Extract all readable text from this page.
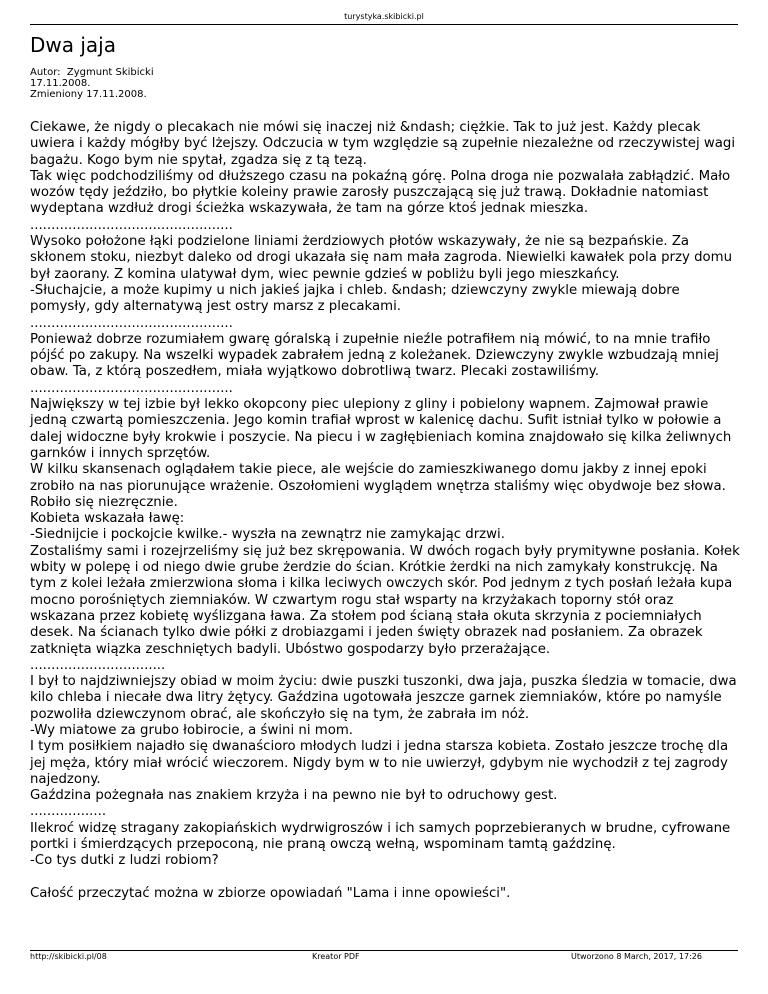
turystyka.skibicki.pl
Dwa jaja
Autor:  Zygmunt Skibicki
17.11.2008.
Zmieniony 17.11.2008.

Ciekawe, że nigdy o plecakach nie mówi się inaczej niż &ndash; ciężkie. Tak to już jest. Każdy plecak uwiera i każdy mógłby być lżejszy. Odczucia w tym względzie są zupełnie niezależne od rzeczywistej wagi bagażu. Kogo bym nie spytał, zgadza się z tą tezą.

Tak więc podchodziliśmy od dłuższego czasu na pokaźną górę. Polna droga nie pozwalała zabłądzić. Mało wozów tędy jeździło, bo płytkie koleiny prawie zarosły puszczającą się już trawą. Dokładnie natomiast wydeptana wzdłuż drogi ścieżka wskazywała, że tam na górze ktoś jednak mieszka.

................................................

Wysoko położone łąki podzielone liniami żerdziowych płotów wskazywały, że nie są bezpańskie. Za skłonem stoku, niezbyt daleko od drogi ukazała się nam mała zagroda. Niewielki kawałek pola przy domu był zaorany. Z komina ulatywał dym, wiec pewnie gdzieś w pobliżu byli jego mieszkańcy.

-Słuchajcie, a może kupimy u nich jakieś jajka i chleb. &ndash; dziewczyny zwykle miewają dobre pomysły, gdy alternatywą jest ostry marsz z plecakami.

................................................

Ponieważ dobrze rozumiałem gwarę góralską i zupełnie nieźle potrafiłem nią mówić, to na mnie trafiło pójść po zakupy. Na wszelki wypadek zabrałem jedną z koleżanek. Dziewczyny zwykle wzbudzają mniej obaw. Ta, z którą poszedłem, miała wyjątkowo dobrotliwą twarz. Plecaki zostawiliśmy.

................................................

Największy w tej izbie był lekko okopcony piec ulepiony z gliny i pobielony wapnem. Zajmował prawie jedną czwartą pomieszczenia. Jego komin trafiał wprost w kalenicę dachu. Sufit istniał tylko w połowie a dalej widoczne były krokwie i poszycie. Na piecu i w zagłębieniach komina znajdowało się kilka żeliwnych garnków i innych sprzętów.

W kilku skansenach oglądałem takie piece, ale wejście do zamieszkiwanego domu jakby z innej epoki zrobiło na nas piorunujące wrażenie. Oszołomieni wyglądem wnętrza staliśmy więc obydwoje bez słowa. Robiło się niezręcznie.

Kobieta wskazała ławę:

-Siednijcie i pockojcie kwilke.- wyszła na zewnątrz nie zamykając drzwi.

Zostaliśmy sami i rozejrzeliśmy się już bez skrępowania. W dwóch rogach były prymitywne posłania. Kołek wbity w polepę i od niego dwie grube żerdzie do ścian. Krótkie żerdki na nich zamykały konstrukcję. Na tym z kolei leżała zmierzwiona słoma i kilka leciwych owczych skór. Pod jednym z tych posłań leżała kupa mocno porośniętych ziemniaków. W czwartym rogu stał wsparty na krzyżakach toporny stół oraz wskazana przez kobietę wyślizgana ława. Za stołem pod ścianą stała okuta skrzynia z pociemniałych desek. Na ścianach tylko dwie półki z drobiazgami i jeden święty obrazek nad posłaniem. Za obrazek zatknięta wiązka zeschniętych badyli. Ubóstwo gospodarzy było przerażające.

................................

I był to najdziwniejszy obiad w moim życiu: dwie puszki tuszonki, dwa jaja, puszka śledzia w tomacie, dwa kilo chleba i niecałe dwa litry żętycy. Gaździna ugotowała jeszcze garnek ziemniaków, które po namyśle pozwoliła dziewczynom obrać, ale skończyło się na tym, że zabrała im nóż.

-Wy miatowe za grubo łobirocie, a świni ni mom.

I tym posiłkiem najadło się dwanaścioro młodych ludzi i jedna starsza kobieta. Zostało jeszcze trochę dla jej męża, który miał wrócić wieczorem. Nigdy bym w to nie uwierzył, gdybym nie wychodził z tej zagrody najedzony.

Gaździna pożegnała nas znakiem krzyża i na pewno nie był to odruchowy gest.

..................

Ilekroć widzę stragany zakopiańskich wydrwigroszów i ich samych poprzebieranych w brudne, cyfrowane portki i śmierdzących przepoconą, nie praną owczą wełną, wspominam tamtą gaździnę.

-Co tys dutki z ludzi robiom?

Całość przeczytać można w zbiorze opowiadań "Lama i inne opowieści".

http://skibicki.pl/08	Kreator PDF	Utworzono 8 March, 2017, 17:26
